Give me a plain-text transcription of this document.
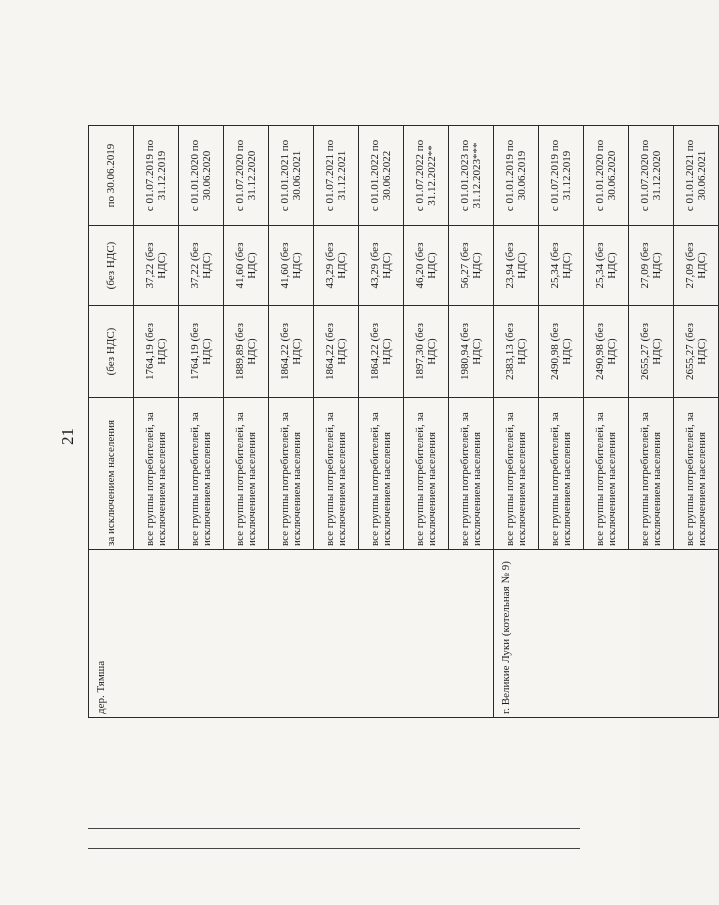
21
дер. Тямша	за исключением населения	(без НДС)	(без НДС)	по 30.06.2019
	все группы потребителей, за исключением населения	1764,19 (без НДС)	37,22 (без НДС)	с 01.07.2019 по 31.12.2019
	все группы потребителей, за исключением населения	1764,19 (без НДС)	37,22 (без НДС)	с 01.01.2020 по 30.06.2020
	все группы потребителей, за исключением населения	1889,89 (без НДС)	41,60 (без НДС)	с 01.07.2020 по 31.12.2020
	все группы потребителей, за исключением населения	1864,22 (без НДС)	41,60 (без НДС)	с 01.01.2021 по 30.06.2021
	все группы потребителей, за исключением населения	1864,22 (без НДС)	43,29 (без НДС)	с 01.07.2021 по 31.12.2021
	все группы потребителей, за исключением населения	1864,22 (без НДС)	43,29 (без НДС)	с 01.01.2022 по 30.06.2022
	все группы потребителей, за исключением населения	1897,30 (без НДС)	46,20 (без НДС)	с 01.07.2022 по 31.12.2022**
	все группы потребителей, за исключением населения	1980,94 (без НДС)	56,27 (без НДС)	с 01.01.2023 по 31.12.2023***
г. Великие Луки (котельная № 9)	все группы потребителей, за исключением населения	2383,13 (без НДС)	23,94 (без НДС)	с 01.01.2019 по 30.06.2019
	все группы потребителей, за исключением населения	2490,98 (без НДС)	25,34 (без НДС)	с 01.07.2019 по 31.12.2019
	все группы потребителей, за исключением населения	2490,98 (без НДС)	25,34 (без НДС)	с 01.01.2020 по 30.06.2020
	все группы потребителей, за исключением населения	2655,27 (без НДС)	27,09 (без НДС)	с 01.07.2020 по 31.12.2020
	все группы потребителей, за исключением населения	2655,27 (без НДС)	27,09 (без НДС)	с 01.01.2021 по 30.06.2021
